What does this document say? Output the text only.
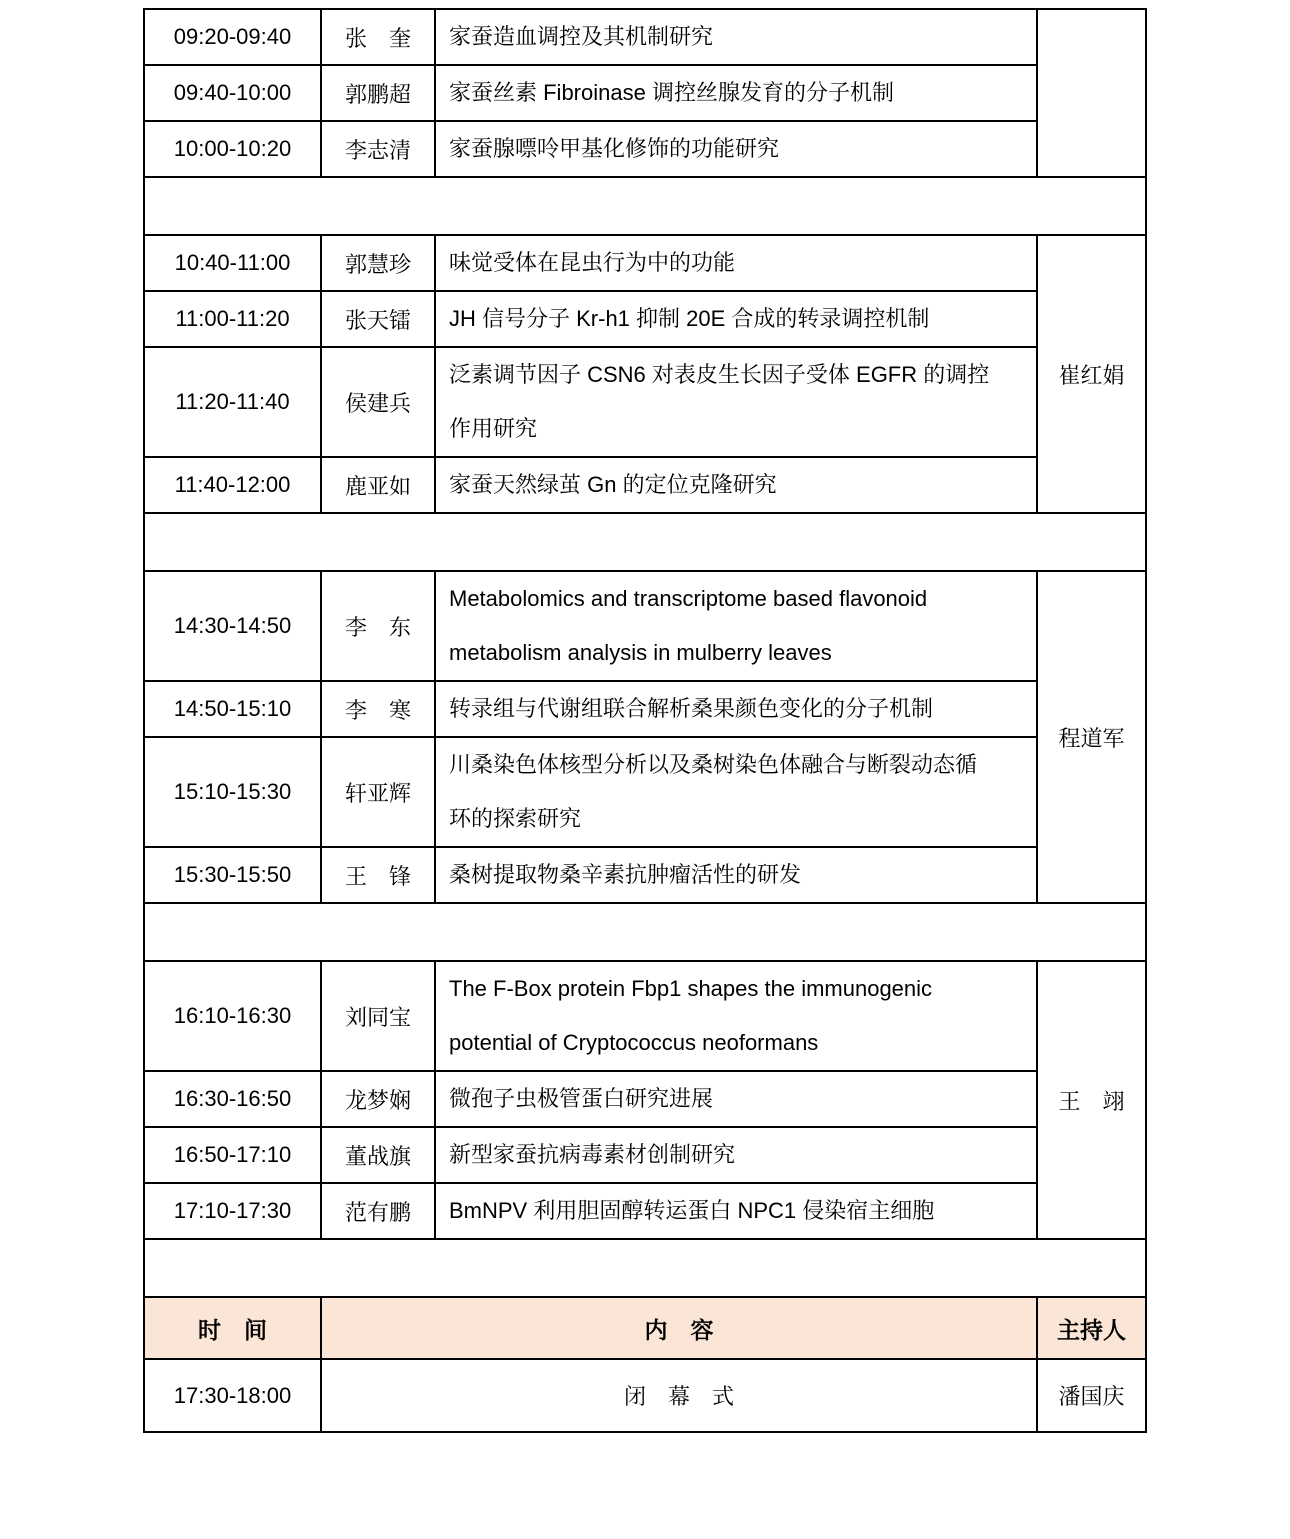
09:20-09:40	张　奎	家蚕造血调控及其机制研究	
09:40-10:00	郭鹏超	家蚕丝素 Fibroinase 调控丝腺发育的分子机制	
10:00-10:20	李志清	家蚕腺嘌呤甲基化修饰的功能研究	

10:40-11:00	郭慧珍	味觉受体在昆虫行为中的功能	崔红娟
11:00-11:20	张天镭	JH 信号分子 Kr-h1 抑制 20E 合成的转录调控机制	
11:20-11:40	侯建兵	泛素调节因子 CSN6 对表皮生长因子受体 EGFR 的调控作用研究	
11:40-12:00	鹿亚如	家蚕天然绿茧 Gn 的定位克隆研究	

14:30-14:50	李　东	Metabolomics and transcriptome based flavonoid metabolism analysis in mulberry leaves	程道军
14:50-15:10	李　寒	转录组与代谢组联合解析桑果颜色变化的分子机制	
15:10-15:30	轩亚辉	川桑染色体核型分析以及桑树染色体融合与断裂动态循环的探索研究	
15:30-15:50	王　锋	桑树提取物桑辛素抗肿瘤活性的研发	

16:10-16:30	刘同宝	The F-Box protein Fbp1 shapes the immunogenic potential of Cryptococcus neoformans	王　翊
16:30-16:50	龙梦娴	微孢子虫极管蛋白研究进展	
16:50-17:10	董战旗	新型家蚕抗病毒素材创制研究	
17:10-17:30	范有鹏	BmNPV 利用胆固醇转运蛋白 NPC1 侵染宿主细胞	

时　间	内　容		主持人
17:30-18:00	闭　幕　式		潘国庆
